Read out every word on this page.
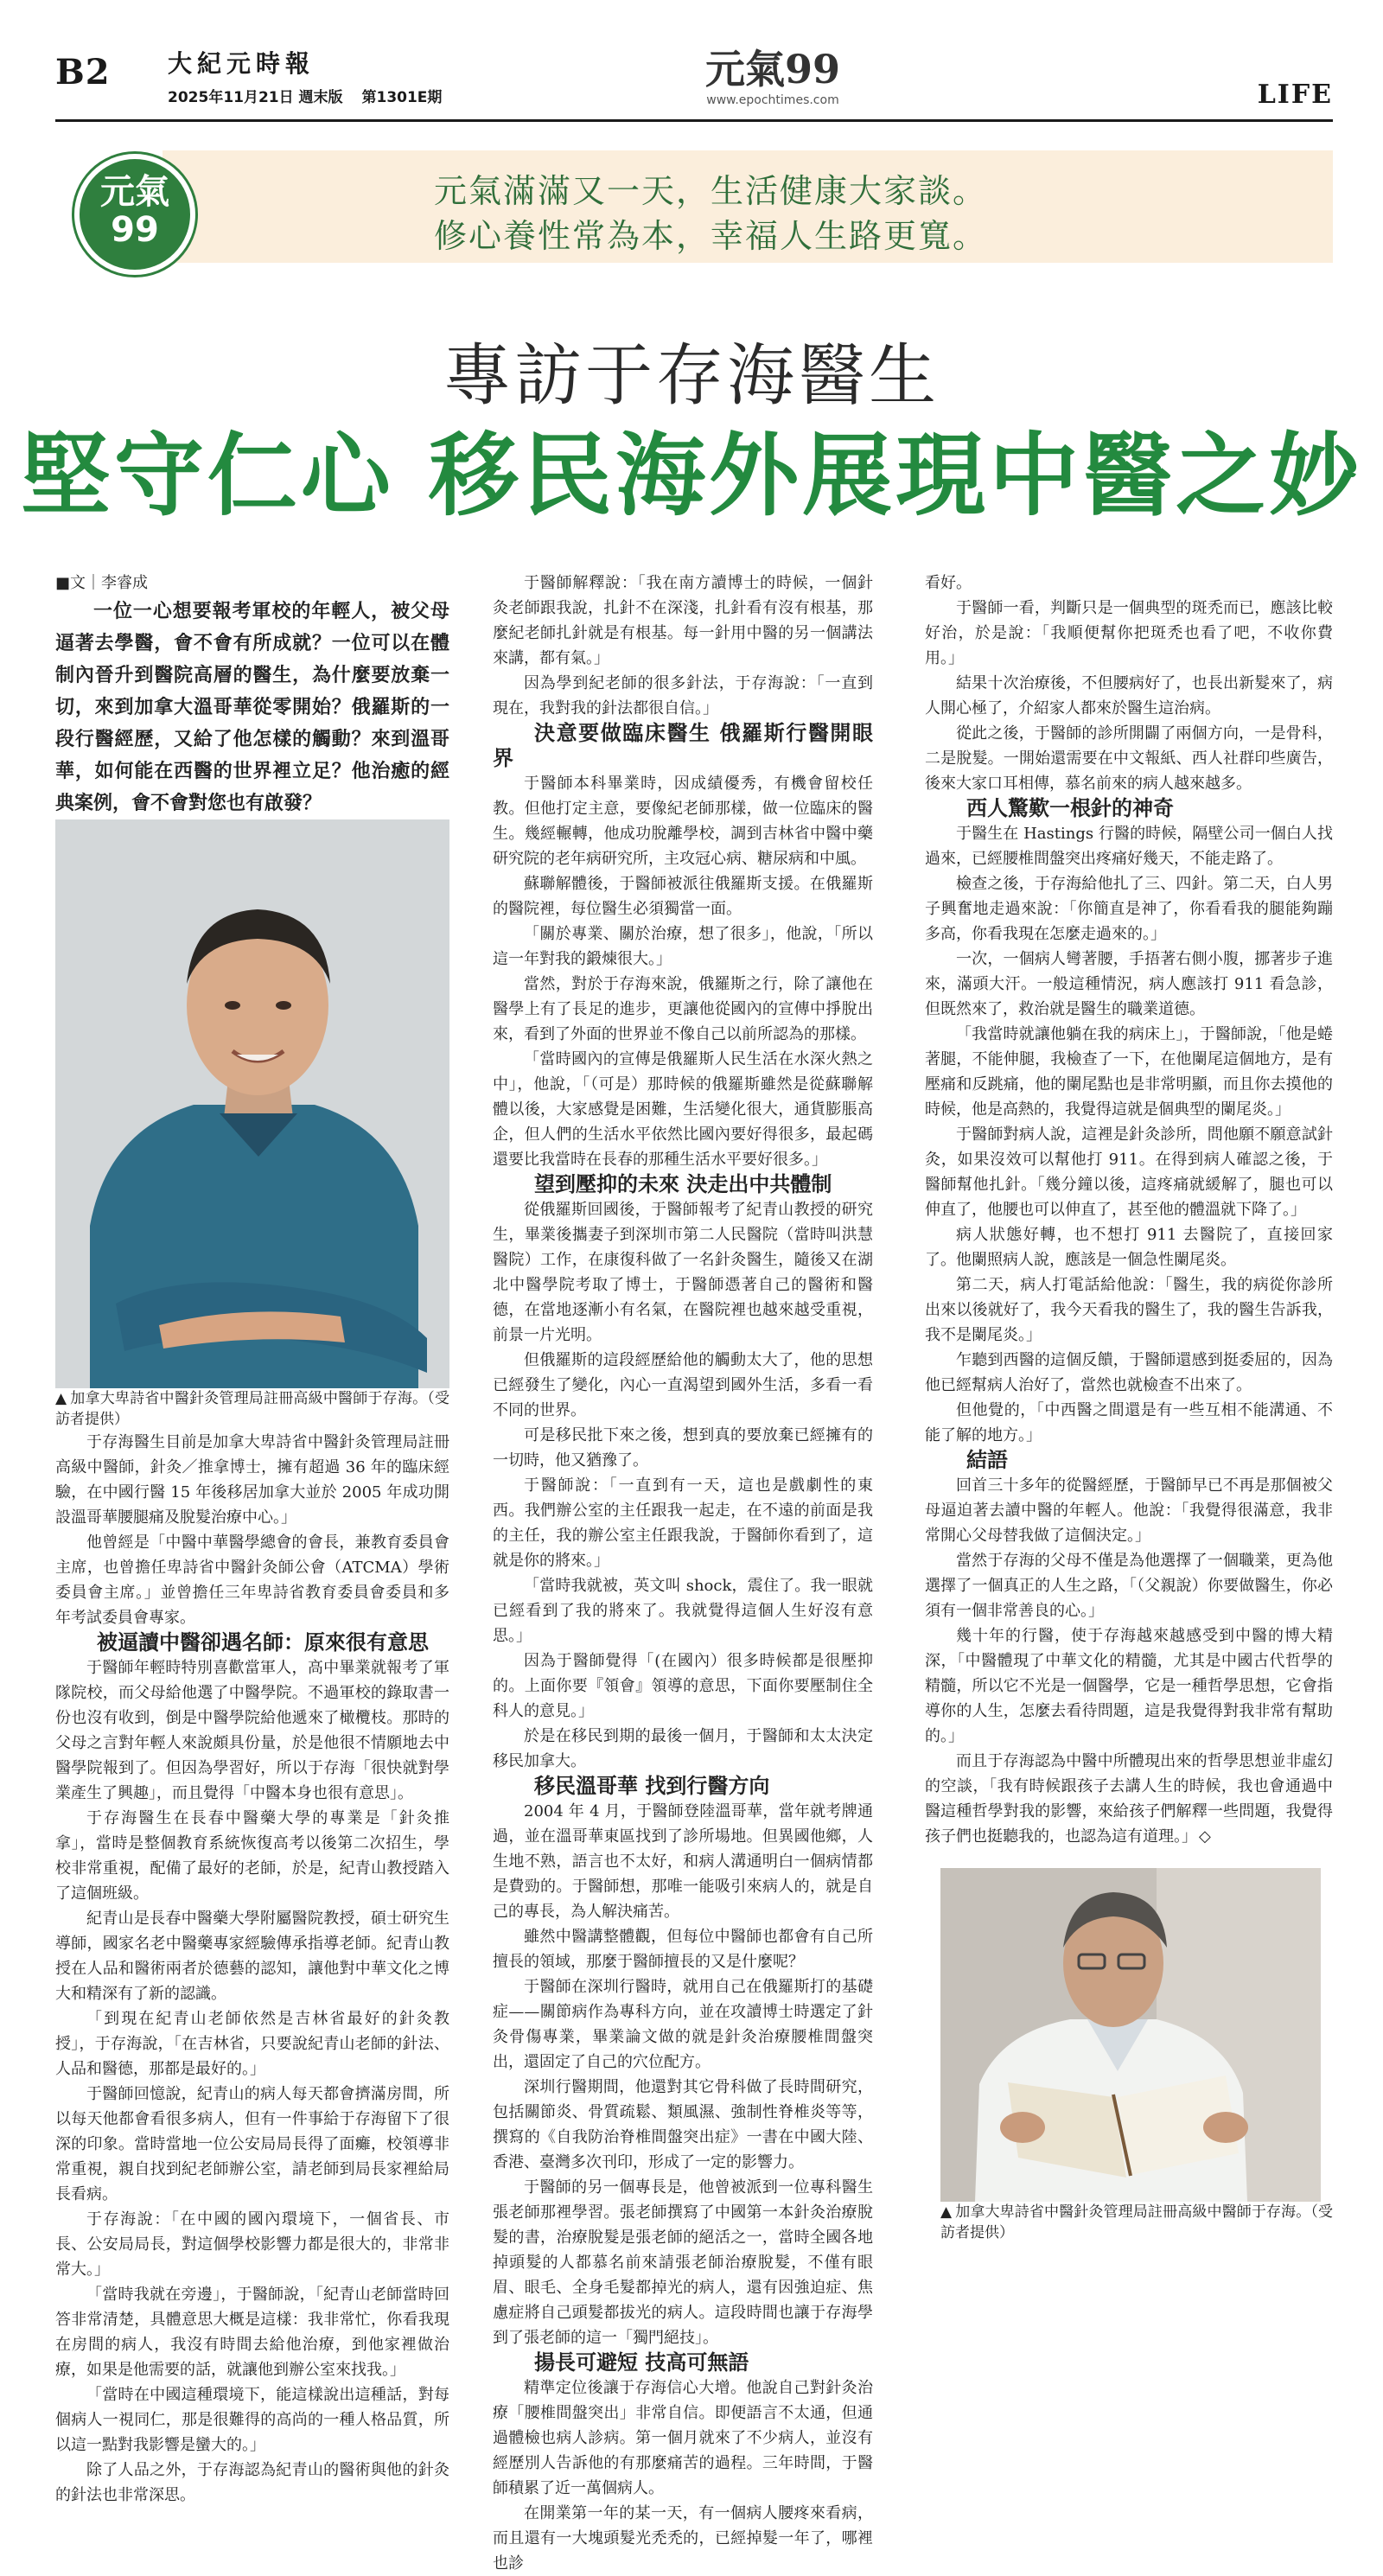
B2 大紀元時報
2025年11月21日 週末版 第1301E期
元氣99
www.epochtimes.com	LIFE
元氣滿滿又一天，生活健康大家談。
修心養性常為本，幸福人生路更寬。
元氣
99
專訪于存海醫生
堅守仁心 移民海外展現中醫之妙

■文｜李睿成

一位一心想要報考軍校的年輕人，被父母逼著去學醫，會不會有所成就？一位可以在體制內晉升到醫院高層的醫生，為什麼要放棄一切，來到加拿大溫哥華從零開始？俄羅斯的一段行醫經歷，又給了他怎樣的觸動？來到溫哥華，如何能在西醫的世界裡立足？他治癒的經典案例，會不會對您也有啟發？

▲ 加拿大卑詩省中醫針灸管理局註冊高級中醫師于存海。（受訪者提供）

于存海醫生目前是加拿大卑詩省中醫針灸管理局註冊高級中醫師，針灸／推拿博士，擁有超過 36 年的臨床經驗，在中國行醫 15 年後移居加拿大並於 2005 年成功開設溫哥華腰腿痛及脫髮治療中心。」

他曾經是「中醫中華醫學總會的會長，兼教育委員會主席，也曾擔任卑詩省中醫針灸師公會（ATCMA）學術委員會主席。」並曾擔任三年卑詩省教育委員會委員和多年考試委員會專家。

被逼讀中醫卻遇名師：原來很有意思

于醫師年輕時特別喜歡當軍人，高中畢業就報考了軍隊院校，而父母給他選了中醫學院。不過軍校的錄取書一份也沒有收到，倒是中醫學院給他遞來了橄欖枝。那時的父母之言對年輕人來說頗具份量，於是他很不情願地去中醫學院報到了。但因為學習好，所以于存海「很快就對學業產生了興趣」，而且覺得「中醫本身也很有意思」。

于存海醫生在長春中醫藥大學的專業是「針灸推拿」，當時是整個教育系統恢復高考以後第二次招生，學校非常重視，配備了最好的老師，於是，紀青山教授踏入了這個班級。

紀青山是長春中醫藥大學附屬醫院教授，碩士研究生導師，國家名老中醫藥專家經驗傳承指導老師。紀青山教授在人品和醫術兩者於德藝的認知，讓他對中華文化之博大和精深有了新的認識。

「到現在紀青山老師依然是吉林省最好的針灸教授」，于存海說，「在吉林省，只要說紀青山老師的針法、人品和醫德，那都是最好的。」

于醫師回憶說，紀青山的病人每天都會擠滿房間，所以每天他都會看很多病人，但有一件事給于存海留下了很深的印象。當時當地一位公安局局長得了面癱，校領導非常重視，親自找到紀老師辦公室，請老師到局長家裡給局長看病。

于存海說：「在中國的國內環境下，一個省長、市長、公安局局長，對這個學校影響力都是很大的，非常非常大。」

「當時我就在旁邊」，于醫師說，「紀青山老師當時回答非常清楚，具體意思大概是這樣：我非常忙，你看我現在房間的病人，我沒有時間去給他治療，到他家裡做治療，如果是他需要的話，就讓他到辦公室來找我。」

「當時在中國這種環境下，能這樣說出這種話，對每個病人一視同仁，那是很難得的高尚的一種人格品質，所以這一點對我影響是蠻大的。」

除了人品之外，于存海認為紀青山的醫術與他的針灸的針法也非常深思。

于醫師解釋說：「我在南方讀博士的時候，一個針灸老師跟我說，扎針不在深淺，扎針看有沒有根基，那麼紀老師扎針就是有根基。每一針用中醫的另一個講法來講，都有氣。」

因為學到紀老師的很多針法，于存海說：「一直到現在，我對我的針法都很自信。」

決意要做臨床醫生 俄羅斯行醫開眼界

于醫師本科畢業時，因成績優秀，有機會留校任教。但他打定主意，要像紀老師那樣，做一位臨床的醫生。幾經輾轉，他成功脫離學校，調到吉林省中醫中藥研究院的老年病研究所，主攻冠心病、糖尿病和中風。

蘇聯解體後，于醫師被派往俄羅斯支援。在俄羅斯的醫院裡，每位醫生必須獨當一面。

「關於專業、關於治療，想了很多」，他說，「所以這一年對我的鍛煉很大。」

當然，對於于存海來說，俄羅斯之行，除了讓他在醫學上有了長足的進步，更讓他從國內的宣傳中掙脫出來，看到了外面的世界並不像自己以前所認為的那樣。

「當時國內的宣傳是俄羅斯人民生活在水深火熱之中」，他說，「（可是）那時候的俄羅斯雖然是從蘇聯解體以後，大家感覺是困難，生活變化很大，通貨膨脹高企，但人們的生活水平依然比國內要好得很多，最起碼還要比我當時在長春的那種生活水平要好很多。」

望到壓抑的未來 決走出中共體制

從俄羅斯回國後，于醫師報考了紀青山教授的研究生，畢業後攜妻子到深圳市第二人民醫院（當時叫洪慧醫院）工作，在康復科做了一名針灸醫生，隨後又在湖北中醫學院考取了博士，于醫師憑著自己的醫術和醫德，在當地逐漸小有名氣，在醫院裡也越來越受重視，前景一片光明。

但俄羅斯的這段經歷給他的觸動太大了，他的思想已經發生了變化，內心一直渴望到國外生活，多看一看不同的世界。

可是移民批下來之後，想到真的要放棄已經擁有的一切時，他又猶豫了。

于醫師說：「一直到有一天，這也是戲劇性的東西。我們辦公室的主任跟我一起走，在不遠的前面是我的主任，我的辦公室主任跟我說，于醫師你看到了，這就是你的將來。」

「當時我就被，英文叫 shock，震住了。我一眼就已經看到了我的將來了。我就覺得這個人生好沒有意思。」

因為于醫師覺得「(在國內）很多時候都是很壓抑的。上面你要『領會』領導的意思，下面你要壓制住全科人的意見。」

於是在移民到期的最後一個月，于醫師和太太決定移民加拿大。

移民溫哥華 找到行醫方向

2004 年 4 月，于醫師登陸溫哥華，當年就考牌通過，並在溫哥華東區找到了診所場地。但異國他鄉，人生地不熟，語言也不太好，和病人溝通明白一個病情都是費勁的。于醫師想，那唯一能吸引來病人的，就是自己的專長，為人解決痛苦。

雖然中醫講整體觀，但每位中醫師也都會有自己所擅長的領域，那麼于醫師擅長的又是什麼呢？

于醫師在深圳行醫時，就用自己在俄羅斯打的基礎症——關節病作為專科方向，並在攻讀博士時選定了針灸骨傷專業，畢業論文做的就是針灸治療腰椎間盤突出，還固定了自己的穴位配方。

深圳行醫期間，他還對其它骨科做了長時間研究，包括關節炎、骨質疏鬆、類風濕、強制性脊椎炎等等，撰寫的《自我防治脊椎間盤突出症》一書在中國大陸、香港、臺灣多次刊印，形成了一定的影響力。

于醫師的另一個專長是，他曾被派到一位專科醫生張老師那裡學習。張老師撰寫了中國第一本針灸治療脫髮的書，治療脫髮是張老師的絕活之一，當時全國各地掉頭髮的人都慕名前來請張老師治療脫髮，不僅有眼眉、眼毛、全身毛髮都掉光的病人，還有因強迫症、焦慮症將自己頭髮都拔光的病人。這段時間也讓于存海學到了張老師的這一「獨門絕技」。

揚長可避短 技高可無語

精準定位後讓于存海信心大增。他說自己對針灸治療「腰椎間盤突出」非常自信。即便語言不太通，但通過體檢也病人診病。第一個月就來了不少病人，並沒有經歷別人告訴他的有那麼痛苦的過程。三年時間，于醫師積累了近一萬個病人。

在開業第一年的某一天，有一個病人腰疼來看病，而且還有一大塊頭髮光禿禿的，已經掉髮一年了，哪裡也診

看好。

于醫師一看，判斷只是一個典型的斑禿而已，應該比較好治，於是說：「我順便幫你把斑禿也看了吧，不收你費用。」

結果十次治療後，不但腰病好了，也長出新髮來了，病人開心極了，介紹家人都來於醫生這治病。

從此之後，于醫師的診所開闢了兩個方向，一是骨科，二是脫髮。一開始還需要在中文報紙、西人社群印些廣告，後來大家口耳相傳，慕名前來的病人越來越多。

西人驚歎一根針的神奇

于醫生在 Hastings 行醫的時候，隔壁公司一個白人找過來，已經腰椎間盤突出疼痛好幾天，不能走路了。

檢查之後，于存海給他扎了三、四針。第二天，白人男子興奮地走過來說：「你簡直是神了，你看看我的腿能夠蹦多高，你看我現在怎麼走過來的。」

一次，一個病人彎著腰，手捂著右側小腹，挪著步子進來，滿頭大汗。一般這種情況，病人應該打 911 看急診，但既然來了，救治就是醫生的職業道德。

「我當時就讓他躺在我的病床上」，于醫師說，「他是蜷著腿，不能伸腿，我檢查了一下，在他闌尾這個地方，是有壓痛和反跳痛，他的闌尾點也是非常明顯，而且你去摸他的時候，他是高熱的，我覺得這就是個典型的闌尾炎。」

于醫師對病人說，這裡是針灸診所，問他願不願意試針灸，如果沒效可以幫他打 911。在得到病人確認之後，于醫師幫他扎針。「幾分鐘以後，這疼痛就緩解了，腿也可以伸直了，他腰也可以伸直了，甚至他的體溫就下降了。」

病人狀態好轉，也不想打 911 去醫院了，直接回家了。他闌照病人說，應該是一個急性闌尾炎。

第二天，病人打電話給他說：「醫生，我的病從你診所出來以後就好了，我今天看我的醫生了，我的醫生告訴我，我不是闌尾炎。」

乍聽到西醫的這個反饋，于醫師還感到挺委屈的，因為他已經幫病人治好了，當然也就檢查不出來了。

但他覺的，「中西醫之間還是有一些互相不能溝通、不能了解的地方。」

結語

回首三十多年的從醫經歷，于醫師早已不再是那個被父母逼迫著去讀中醫的年輕人。他說：「我覺得很滿意，我非常開心父母替我做了這個決定。」

當然于存海的父母不僅是為他選擇了一個職業，更為他選擇了一個真正的人生之路，「（父親說）你要做醫生，你必須有一個非常善良的心。」

幾十年的行醫，使于存海越來越感受到中醫的博大精深，「中醫體現了中華文化的精髓，尤其是中國古代哲學的精髓，所以它不光是一個醫學，它是一種哲學思想，它會指導你的人生，怎麼去看待問題，這是我覺得對我非常有幫助的。」

而且于存海認為中醫中所體現出來的哲學思想並非虛幻的空談，「我有時候跟孩子去講人生的時候，我也會通過中醫這種哲學對我的影響，來給孩子們解釋一些問題，我覺得孩子們也挺聽我的，也認為這有道理。」 ◇

▲ 加拿大卑詩省中醫針灸管理局註冊高級中醫師于存海。（受訪者提供）
